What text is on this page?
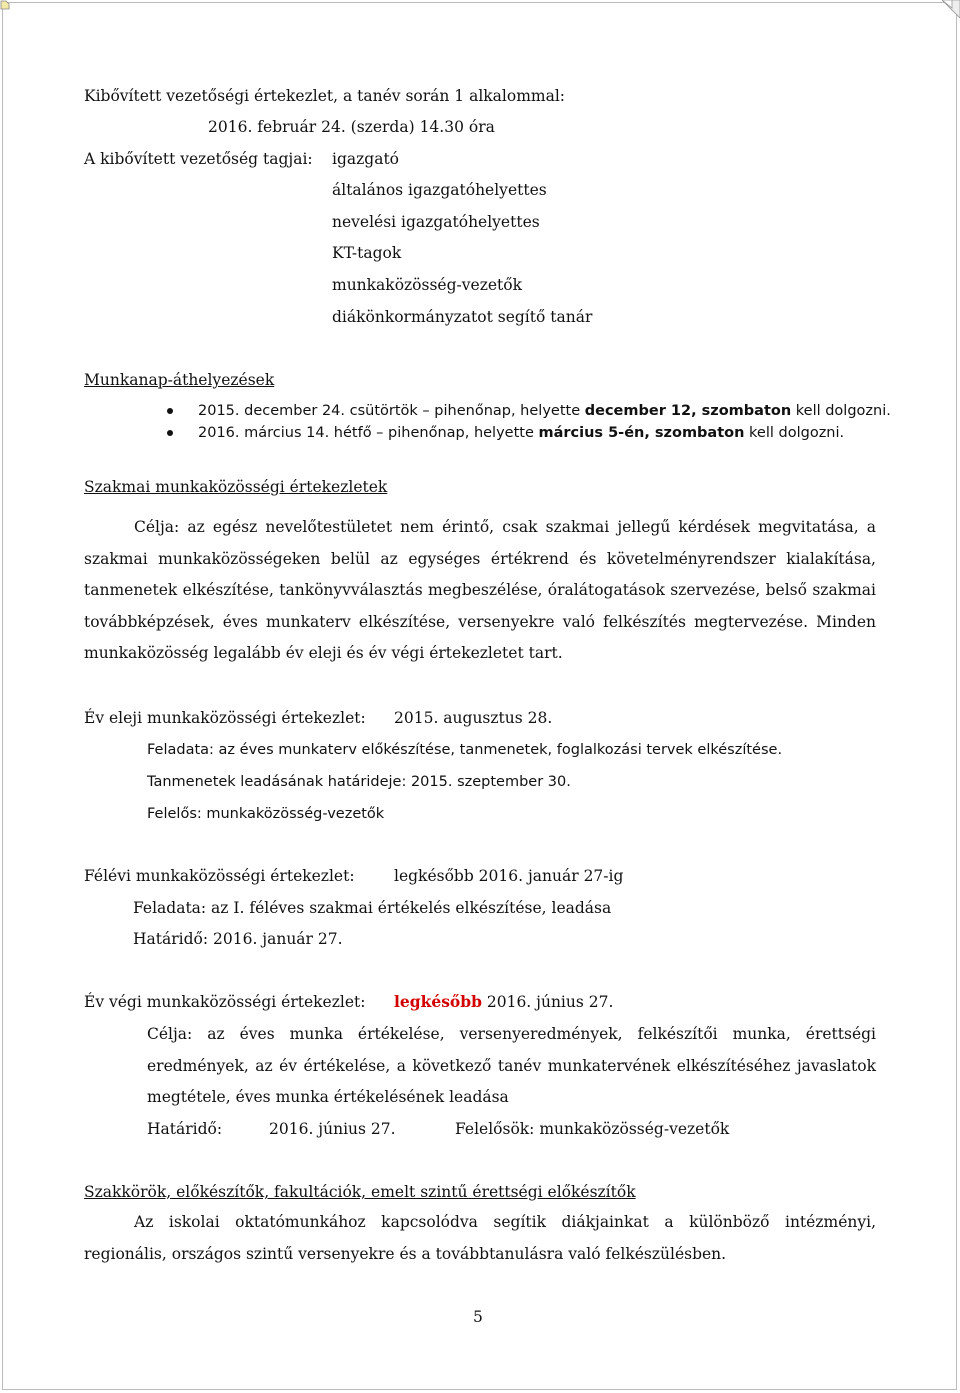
Kibővített vezetőségi értekezlet, a tanév során 1 alkalommal:
2016. február 24. (szerda) 14.30 óra
A kibővített vezetőség tagjai: igazgató
általános igazgatóhelyettes
nevelési igazgatóhelyettes
KT-tagok
munkaközösség-vezetők
diákönkormányzatot segítő tanár
Munkanap-áthelyezések
2015. december 24. csütörtök – pihenőnap, helyette december 12, szombaton kell dolgozni.
2016. március 14. hétfő – pihenőnap, helyette március 5-én, szombaton kell dolgozni.
Szakmai munkaközösségi értekezletek
Célja: az egész nevelőtestületet nem érintő, csak szakmai jellegű kérdések megvitatása, a szakmai munkaközösségeken belül az egységes értékrend és követelményrendszer kialakítása, tanmenetek elkészítése, tankönyvválasztás megbeszélése, óralátogatások szervezése, belső szakmai továbbképzések, éves munkaterv elkészítése, versenyekre való felkészítés megtervezése. Minden munkaközösség legalább év eleji és év végi értekezletet tart.
Év eleji munkaközösségi értekezlet: 2015. augusztus 28.
Feladata: az éves munkaterv előkészítése, tanmenetek, foglalkozási tervek elkészítése.
Tanmenetek leadásának határideje: 2015. szeptember 30.
Felelős: munkaközösség-vezetők
Félévi munkaközösségi értekezlet:	legkésőbb 2016. január 27-ig
Feladata: az I. féléves szakmai értékelés elkészítése, leadása
Határidő: 2016. január 27.
Év végi munkaközösségi értekezlet: legkésőbb 2016. június 27.
Célja: az éves munka értékelése, versenyeredmények, felkészítői munka, érettségi eredmények, az év értékelése, a következő tanév munkatervének elkészítéséhez javaslatok megtétele, éves munka értékelésének leadása
Határidő:	2016. június 27.	Felelősök: munkaközösség-vezetők
Szakkörök, előkészítők, fakultációk, emelt szintű érettségi előkészítők
Az iskolai oktatómunkához kapcsolódva segítik diákjainkat a különböző intézményi, regionális, országos szintű versenyekre és a továbbtanulásra való felkészülésben.
5
